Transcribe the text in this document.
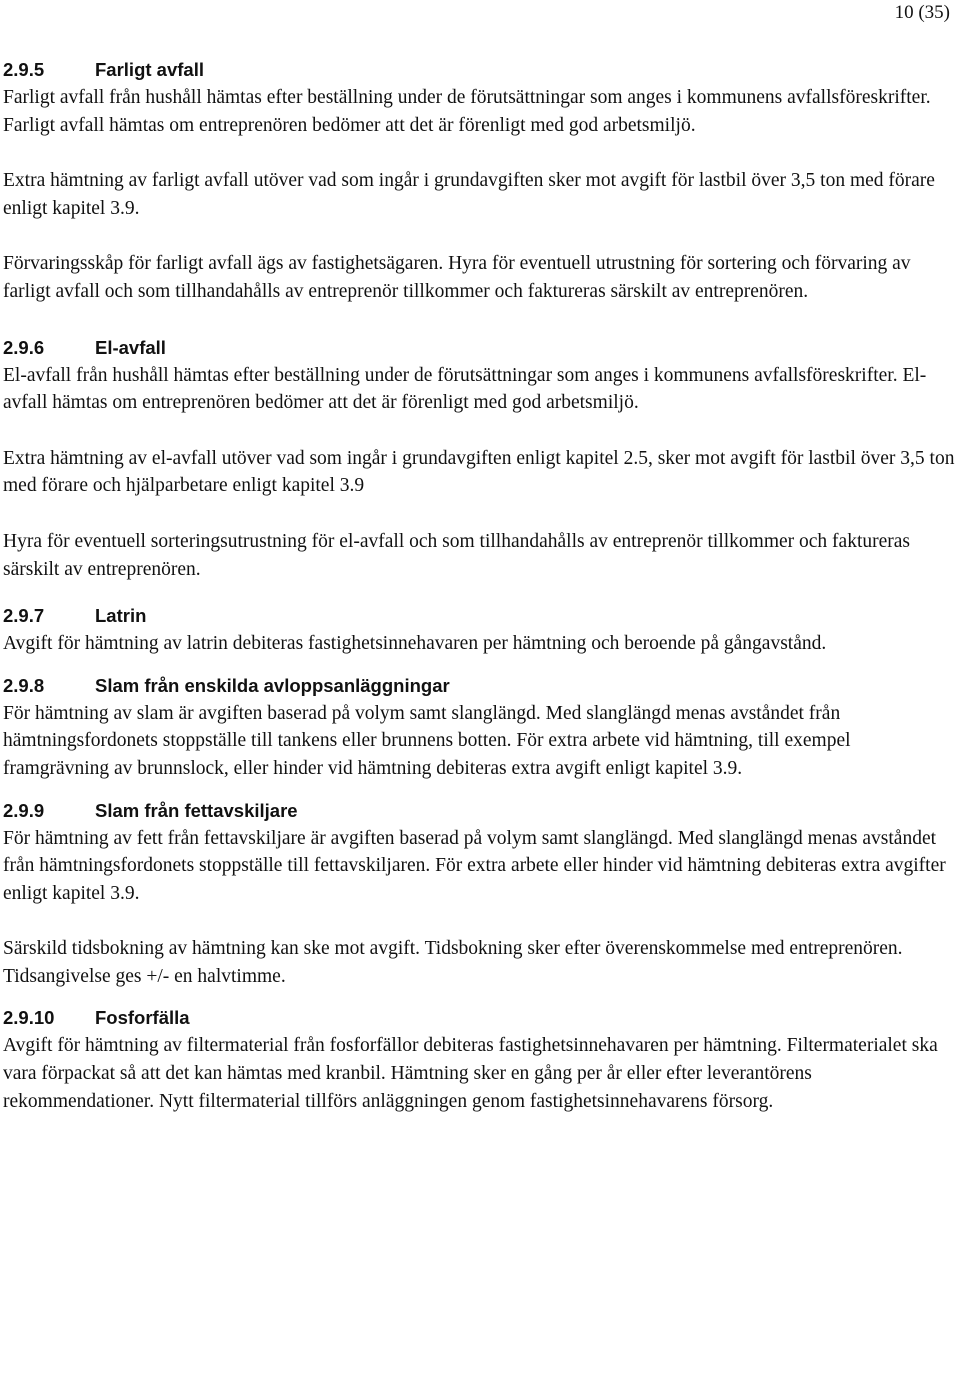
10 (35)
2.9.5	Farligt avfall

Farligt avfall från hushåll hämtas efter beställning under de förutsättningar som anges i kommunens avfallsföreskrifter. Farligt avfall hämtas om entreprenören bedömer att det är förenligt med god arbetsmiljö.

Extra hämtning av farligt avfall utöver vad som ingår i grundavgiften sker mot avgift för lastbil över 3,5 ton med förare enligt kapitel 3.9.

Förvaringsskåp för farligt avfall ägs av fastighetsägaren. Hyra för eventuell utrustning för sortering och förvaring av farligt avfall och som tillhandahålls av entreprenör tillkommer och faktureras särskilt av entreprenören.

2.9.6	El-avfall

El-avfall från hushåll hämtas efter beställning under de förutsättningar som anges i kommunens avfallsföreskrifter. El-avfall hämtas om entreprenören bedömer att det är förenligt med god arbetsmiljö.

Extra hämtning av el-avfall utöver vad som ingår i grundavgiften enligt kapitel 2.5, sker mot avgift för lastbil över 3,5 ton med förare och hjälparbetare enligt kapitel 3.9

Hyra för eventuell sorteringsutrustning för el-avfall och som tillhandahålls av entreprenör tillkommer och faktureras särskilt av entreprenören.

2.9.7	Latrin

Avgift för hämtning av latrin debiteras fastighetsinnehavaren per hämtning och beroende på gångavstånd.

2.9.8	Slam från enskilda avloppsanläggningar

För hämtning av slam är avgiften baserad på volym samt slanglängd. Med slanglängd menas avståndet från hämtningsfordonets stoppställe till tankens eller brunnens botten. För extra arbete vid hämtning, till exempel framgrävning av brunnslock, eller hinder vid hämtning debiteras extra avgift enligt kapitel 3.9.

2.9.9	Slam från fettavskiljare

För hämtning av fett från fettavskiljare är avgiften baserad på volym samt slanglängd. Med slanglängd menas avståndet från hämtningsfordonets stoppställe till fettavskiljaren. För extra arbete eller hinder vid hämtning debiteras extra avgifter enligt kapitel 3.9.

Särskild tidsbokning av hämtning kan ske mot avgift. Tidsbokning sker efter överenskommelse med entreprenören. Tidsangivelse ges +/- en halvtimme.

2.9.10	Fosforfälla

Avgift för hämtning av filtermaterial från fosforfällor debiteras fastighetsinnehavaren per hämtning. Filtermaterialet ska vara förpackat så att det kan hämtas med kranbil. Hämtning sker en gång per år eller efter leverantörens rekommendationer. Nytt filtermaterial tillförs anläggningen genom fastighetsinnehavarens försorg.
